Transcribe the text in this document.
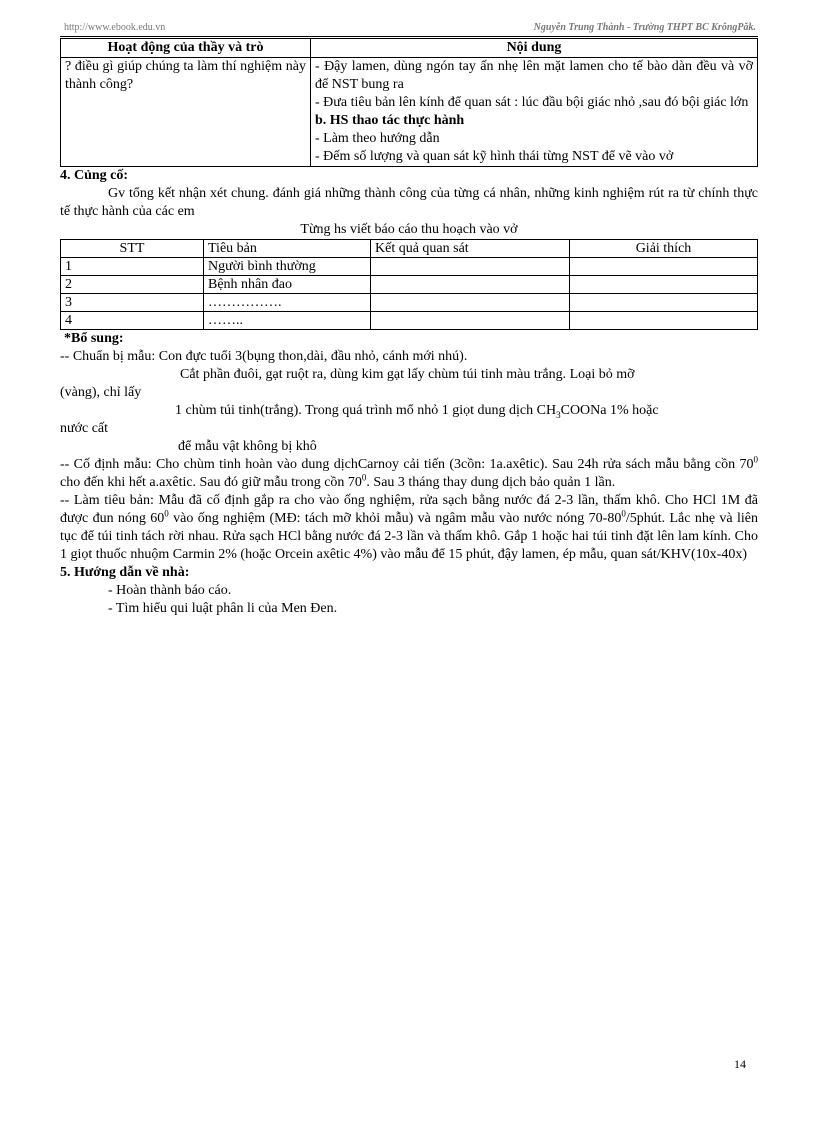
http://www.ebook.edu.vn	Nguyễn Trung Thành - Trường THPT BC KrôngPăk.
Hoạt động của thầy và trò	Nội dung
? điều gì giúp chúng ta làm thí nghiệm này thành công?	- Đậy lamen, dùng ngón tay ấn nhẹ lên mặt lamen cho tế bào dàn đều và vỡ để NST bung ra

- Đưa tiêu bản lên kính để quan sát : lúc đầu bội giác nhỏ ,sau đó bội giác lớn

b. HS thao tác thực hành

- Làm theo hướng dẫn

- Đếm số lượng và quan sát kỹ hình thái từng NST để vẽ vào vở

4. Củng cố:

Gv tổng kết nhận xét chung. đánh giá những thành công của từng cá nhân, những kinh nghiệm rút ra từ chính thực tế thực hành của các em

Từng hs viết báo cáo thu hoạch vào vở

STT	Tiêu bản	Kết quả quan sát	Giải thích
1	Người bình thường		
2	Bệnh nhân đao		
3	…………….		
4	……..		

*Bổ sung:

-- Chuẩn bị mẫu: Con đực tuổi 3(bụng thon,dài, đầu nhỏ, cánh mới nhú).

Cắt phần đuôi, gạt ruột ra, dùng kim gạt lấy chùm túi tinh màu trắng. Loại bỏ mỡ

(vàng), chỉ lấy

1 chùm túi tinh(trắng). Trong quá trình mổ nhỏ 1 giọt dung dịch $CH_3COONa$ 1% hoặc

nước cất

để mẫu vật không bị khô

-- Cố định mẫu: Cho chùm tinh hoàn vào dung dịchCarnoy cải tiến (3cồn: 1a.axêtic). Sau 24h rửa sách mẫu bằng cồn $70^0$ cho đến khi hết a.axêtic. Sau đó giữ mẫu trong cồn $70^0$. Sau 3 tháng thay dung dịch bảo quản 1 lần.

-- Làm tiêu bản: Mẫu đã cố định gắp ra cho vào ống nghiệm, rửa sạch bằng nước đá 2-3 lần, thấm khô. Cho HCl 1M đã được đun nóng $60^0$ vào ống nghiệm (MĐ: tách mỡ khỏi mẫu) và ngâm mẫu vào nước nóng $70-80^0/5phút$. Lắc nhẹ và liên tục để túi tinh tách rời nhau. Rửa sạch HCl bằng nước đá 2-3 lần và thấm khô. Gắp 1 hoặc hai túi tinh đặt lên lam kính. Cho 1 giọt thuốc nhuộm Carmin 2% (hoặc Orcein axêtic 4%) vào mẫu để 15 phút, đậy lamen, ép mẫu, quan sát/KHV(10x-40x)

5. Hướng dẫn về nhà:

- Hoàn thành báo cáo.

- Tìm hiểu qui luật phân li của Men Đen.

14
